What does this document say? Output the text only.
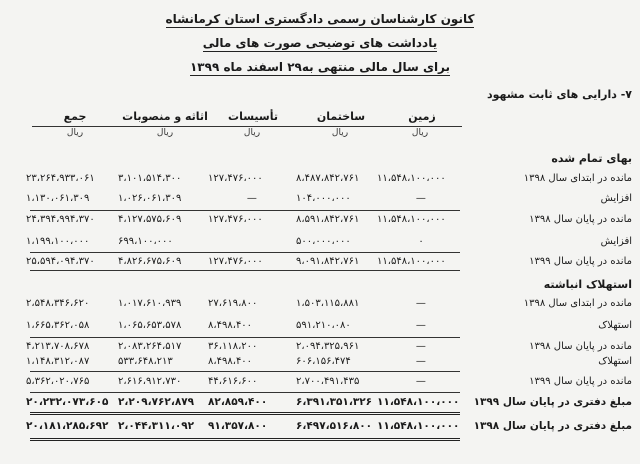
کانون کارشناسان رسمی دادگستری استان کرمانشاه
یادداشت های توضیحی صورت های مالی
برای سال مالی منتهی به۲۹ اسفند ماه ۱۳۹۹
۷- دارایی های ثابت مشهود
زمین
ساختمان
تأسیسات
اثاثه و منصوبات
جمع
ریال
ریال
ریال
ریال
ریال
بهای تمام شده
مانده در ابتدای سال ۱۳۹۸
۱۱،۵۴۸،۱۰۰،۰۰۰
۸،۴۸۷،۸۴۲،۷۶۱
۱۲۷،۴۷۶،۰۰۰
۳،۱۰۱،۵۱۴،۳۰۰
۲۳،۲۶۴،۹۳۳،۰۶۱
افزایش
—
۱۰۴،۰۰۰،۰۰۰
—
۱،۰۲۶،۰۶۱،۳۰۹
۱،۱۳۰،۰۶۱،۳۰۹
مانده در پایان سال ۱۳۹۸
۱۱،۵۴۸،۱۰۰،۰۰۰
۸،۵۹۱،۸۴۲،۷۶۱
۱۲۷،۴۷۶،۰۰۰
۴،۱۲۷،۵۷۵،۶۰۹
۲۴،۳۹۴،۹۹۴،۳۷۰
افزایش
۰
۵۰۰،۰۰۰،۰۰۰
۶۹۹،۱۰۰،۰۰۰
۱،۱۹۹،۱۰۰،۰۰۰
مانده در پایان سال ۱۳۹۹
۱۱،۵۴۸،۱۰۰،۰۰۰
۹،۰۹۱،۸۴۲،۷۶۱
۱۲۷،۴۷۶،۰۰۰
۴،۸۲۶،۶۷۵،۶۰۹
۲۵،۵۹۴،۰۹۴،۳۷۰
استهلاک انباشته
مانده در ابتدای سال ۱۳۹۸
—
۱،۵۰۳،۱۱۵،۸۸۱
۲۷،۶۱۹،۸۰۰
۱،۰۱۷،۶۱۰،۹۳۹
۲،۵۴۸،۳۴۶،۶۲۰
استهلاک
—
۵۹۱،۲۱۰،۰۸۰
۸،۴۹۸،۴۰۰
۱،۰۶۵،۶۵۳،۵۷۸
۱،۶۶۵،۳۶۲،۰۵۸
مانده در پایان سال ۱۳۹۸
—
۲،۰۹۴،۳۲۵،۹۶۱
۳۶،۱۱۸،۲۰۰
۲،۰۸۳،۲۶۴،۵۱۷
۴،۲۱۳،۷۰۸،۶۷۸
استهلاک
—
۶۰۶،۱۵۶،۴۷۴
۸،۴۹۸،۴۰۰
۵۳۳،۶۴۸،۲۱۳
۱،۱۴۸،۳۱۲،۰۸۷
مانده در پایان سال ۱۳۹۹
—
۲،۷۰۰،۴۹۱،۴۳۵
۴۴،۶۱۶،۶۰۰
۲،۶۱۶،۹۱۲،۷۳۰
۵،۳۶۲،۰۲۰،۷۶۵
مبلغ دفتری در پایان سال ۱۳۹۹
۱۱،۵۴۸،۱۰۰،۰۰۰
۶،۳۹۱،۳۵۱،۳۲۶
۸۲،۸۵۹،۴۰۰
۲،۲۰۹،۷۶۲،۸۷۹
۲۰،۲۳۲،۰۷۳،۶۰۵
مبلغ دفتری در پایان سال ۱۳۹۸
۱۱،۵۴۸،۱۰۰،۰۰۰
۶،۴۹۷،۵۱۶،۸۰۰
۹۱،۳۵۷،۸۰۰
۲،۰۴۴،۳۱۱،۰۹۲
۲۰،۱۸۱،۲۸۵،۶۹۲
